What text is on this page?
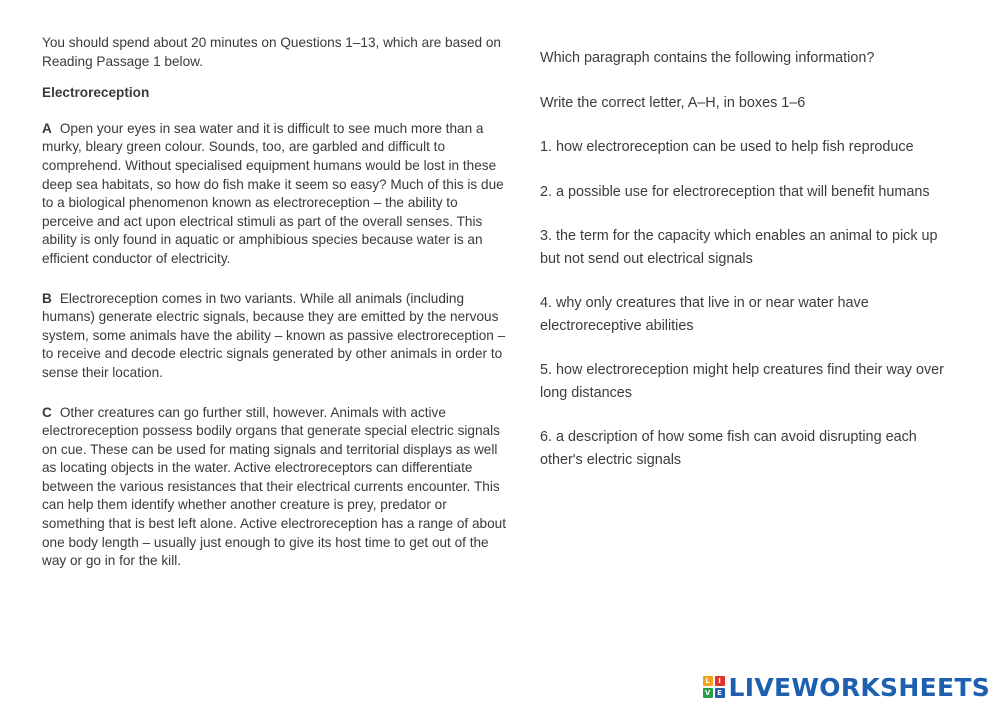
You should spend about 20 minutes on Questions 1–13, which are based on Reading Passage 1 below.

Electroreception

A Open your eyes in sea water and it is difficult to see much more than a murky, bleary green colour. Sounds, too, are garbled and difficult to comprehend. Without specialised equipment humans would be lost in these deep sea habitats, so how do fish make it seem so easy? Much of this is due to a biological phenomenon known as electroreception – the ability to perceive and act upon electrical stimuli as part of the overall senses. This ability is only found in aquatic or amphibious species because water is an efficient conductor of electricity.

B Electroreception comes in two variants. While all animals (including humans) generate electric signals, because they are emitted by the nervous system, some animals have the ability – known as passive electroreception – to receive and decode electric signals generated by other animals in order to sense their location.

C Other creatures can go further still, however. Animals with active electroreception possess bodily organs that generate special electric signals on cue. These can be used for mating signals and territorial displays as well as locating objects in the water. Active electroreceptors can differentiate between the various resistances that their electrical currents encounter. This can help them identify whether another creature is prey, predator or something that is best left alone. Active electroreception has a range of about one body length – usually just enough to give its host time to get out of the way or go in for the kill.

Which paragraph contains the following information?

Write the correct letter, A–H, in boxes 1–6

1. how electroreception can be used to help fish reproduce

2. a possible use for electroreception that will benefit humans

3. the term for the capacity which enables an animal to pick up but not send out electrical signals

4. why only creatures that live in or near water have electroreceptive abilities

5. how electroreception might help creatures find their way over long distances

6. a description of how some fish can avoid disrupting each other's electric signals

L	I
V E LIVEWORKSHEETS
